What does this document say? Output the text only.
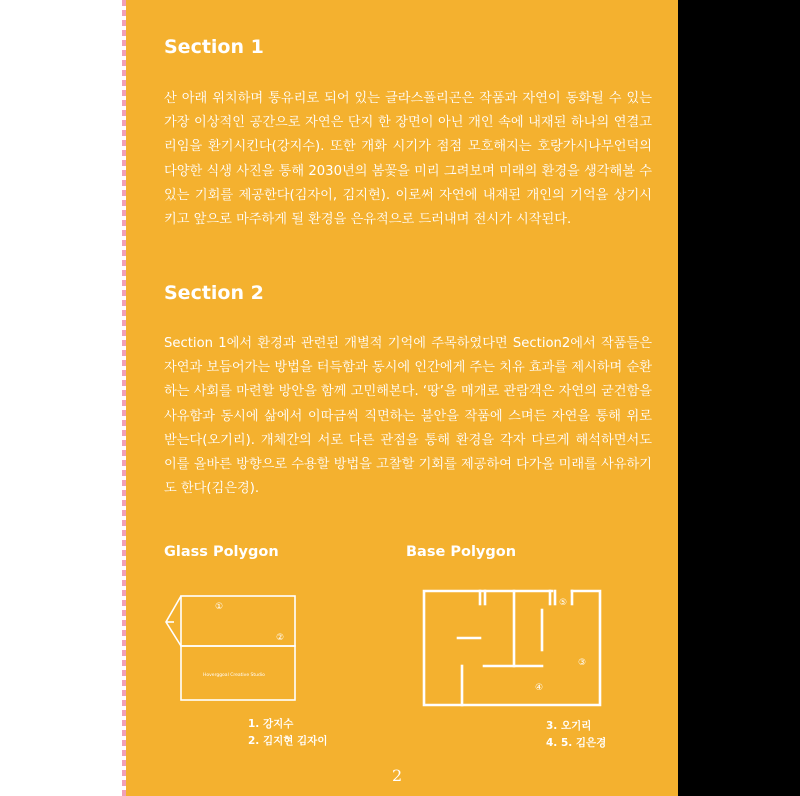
Section 1

산 아래 위치하며 통유리로 되어 있는 글라스폴리곤은 작품과 자연이 동화될 수 있는 가장 이상적인 공간으로 자연은 단지 한 장면이 아닌 개인 속에 내재된 하나의 연결고리임을 환기시킨다(강지수). 또한 개화 시기가 점점 모호해지는 호랑가시나무언덕의 다양한 식생 사진을 통해 2030년의 봄꽃을 미리 그려보며 미래의 환경을 생각해볼 수 있는 기회를 제공한다(김자이, 김지현). 이로써 자연에 내재된 개인의 기억을 상기시키고 앞으로 마주하게 될 환경을 은유적으로 드러내며 전시가 시작된다.

Section 2

Section 1에서 환경과 관련된 개별적 기억에 주목하였다면 Section2에서 작품들은 자연과 보듬어가는 방법을 터득함과 동시에 인간에게 주는 치유 효과를 제시하며 순환하는 사회를 마련할 방안을 함께 고민해본다. ‘땅’을 매개로 관람객은 자연의 굳건함을 사유함과 동시에 삶에서 이따금씩 직면하는 불안을 작품에 스며든 자연을 통해 위로 받는다(오기리). 개체간의 서로 다른 관점을 통해 환경을 각자 다르게 해석하면서도 이를 올바른 방향으로 수용할 방법을 고찰할 기회를 제공하여 다가올 미래를 사유하기도 한다(김은경).

Glass Polygon
①
②
Hoverggoal Creative Studio
1. 강지수
2. 김지현 김자이
Base Polygon
⑤
③
④
3. 오기리
4. 5. 김은경
2
